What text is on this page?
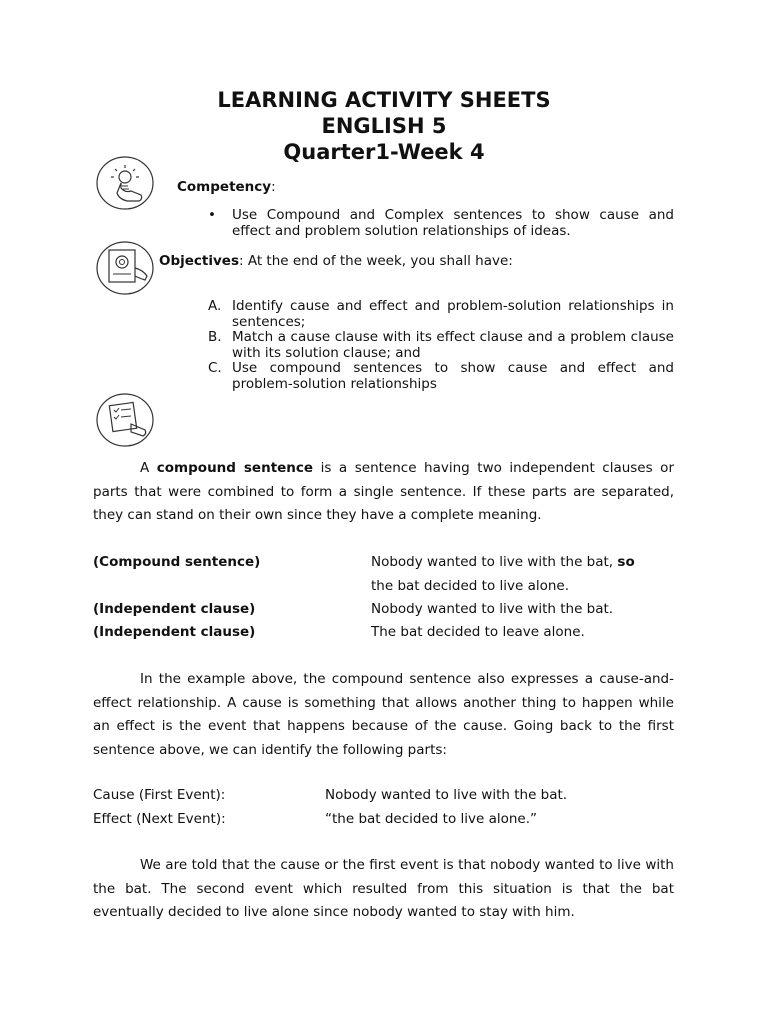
LEARNING ACTIVITY SHEETS
ENGLISH 5
Quarter1-Week 4
Competency:
•	Use Compound and Complex sentences to show cause and effect and problem solution relationships of ideas.
Objectives: At the end of the week, you shall have:
A. Identify cause and effect and problem-solution relationships in sentences;
B. Match a cause clause with its effect clause and a problem clause with its solution clause; and
C. Use compound sentences to show cause and effect and problem-solution relationships

A compound sentence is a sentence having two independent clauses or parts that were combined to form a single sentence. If these parts are separated, they can stand on their own since they have a complete meaning.

(Compound sentence)	Nobody wanted to live with the bat, so
the bat decided to live alone.
(Independent clause)	Nobody wanted to live with the bat.
(Independent clause)	The bat decided to leave alone.

In the example above, the compound sentence also expresses a cause-and-effect relationship. A cause is something that allows another thing to happen while an effect is the event that happens because of the cause. Going back to the first sentence above, we can identify the following parts:

Cause (First Event):	Nobody wanted to live with the bat.
Effect (Next Event):	“the bat decided to live alone.”

We are told that the cause or the first event is that nobody wanted to live with the bat. The second event which resulted from this situation is that the bat eventually decided to live alone since nobody wanted to stay with him.
